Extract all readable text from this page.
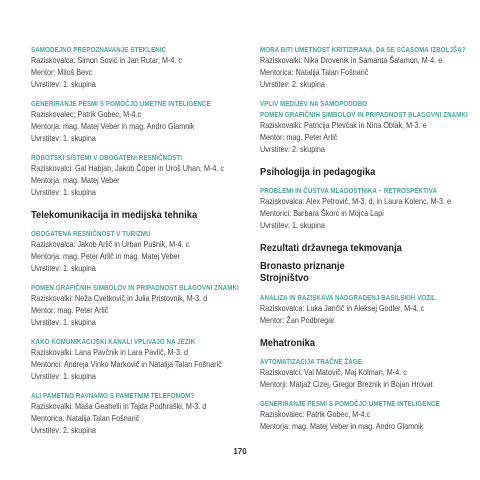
SAMODEJNO PREPOZNAVANJE STEKLENIC
Raziskovalca: Simon Sović in Jan Rutar, M-4. c
Mentor: Miloš Bevc
Uvrstitev: 1. skupina
GENERIRANJE PESMI S POMOČJO UMETNE INTELIGENCE
Raziskovalec: Patrik Gobec, M-4.c
Mentorja: mag. Matej Veber in mag. Andro Glamnik
Uvrstitev: 1. skupina
ROBOTSKI SISTEMI V OBOGATENI RESNIČNOSTI
Raziskovalci: Gal Habjan, Jakob Čoper in Uroš Uhan, M-4. c
Mentorja: mag. Matej Veber
Uvrstitev: 1. skupina
Telekomunikacija in medijska tehnika
OBOGATENA RESNIČNOST V TURIZMU
Raziskovalca: Jakob Arlič in Urban Pušnik, M-4. c
Mentorja: mag. Peter Arlič in mag. Matej Veber
Uvrstitev: 1. skupina
POMEN GRAFIČNIH SIMBOLOV IN PRIPADNOST BLAGOVNI ZNAMKI
Raziskovalki: Neža Cvetkovič in Julia Pristovnik, M-3. d
Mentor: mag. Peter Arlič
Uvrstitev: 1. skupina
KAKO KOMUNIKACIJSKI KANALI VPLIVAJO NA JEZIK
Raziskovalki: Lana Pavčnik in Lara Pavlič, M-3. d
Mentorici: Andreja Vinko Markovič in Natalija Talan Fošnarič
Uvrstitev: 1. skupina
ALI PAMETNO RAVNAMO S PAMETNIM TELEFONOM?
Raziskovalki: Maša Geahelli in Tajda Podhraški, M-3. d
Mentorica: Natalija Talan Fošnarič
Uvrstitev: 2. skupina
MORA BITI UMETNOST KRITIZIRANA, DA SE SČASOMA IZBOLJŠA?
Raziskovalki: Nika Drovenik in Samanta Šalamon, M-4. e
Mentorica: Natalija Talan Fošnarič
Uvrstitev: 2. skupina
VPLIV MEDIJEV NA SAMOPODOBO
POMEN GRAFIČNIH SIMBOLOV IN PRIPADNOST BLAGOVNI ZNAMKI
Raziskovalki: Patricija Plevčak in Nina Oblak, M-3. e
Mentor: mag. Peter Arlič
Uvrstitev: 2. skupina
Psihologija in pedagogika
PROBLEMI IN ČUSTVA MLADOSTNIKA – RETROSPEKTIVA
Raziskovalca: Alex Petrovič, M-3. d, in Laura Kolenc, M-3. e
Mentorici: Barbara Škorc in Mojca Lapi
Uvrstitev: 1. skupina
Rezultati državnega tekmovanja
Bronasto priznanje
Strojništvo
ANALIZA IN RAZISKAVA NADGRADENJ BASILSKIH VOZIL
Raziskovalca: Luka Jančič in Aleksej Godler, M-4. c
Mentor: Žan Podbregar
Mehatronika
AVTOMATIZACIJA TRAČNE ŽAGE
Raziskovalci: Val Matovič, Maj Kolman, M-4. c
Mentorji: Matjaž Cizej, Gregor Breznik in Bojan Hrovat
GENERIRANJE PESMI S POMOČJO UMETNE INTELIGENCE
Raziskovalec: Patrik Gobec, M-4.c
Mentorja: mag. Matej Veber in mag. Andro Glamnik
170
